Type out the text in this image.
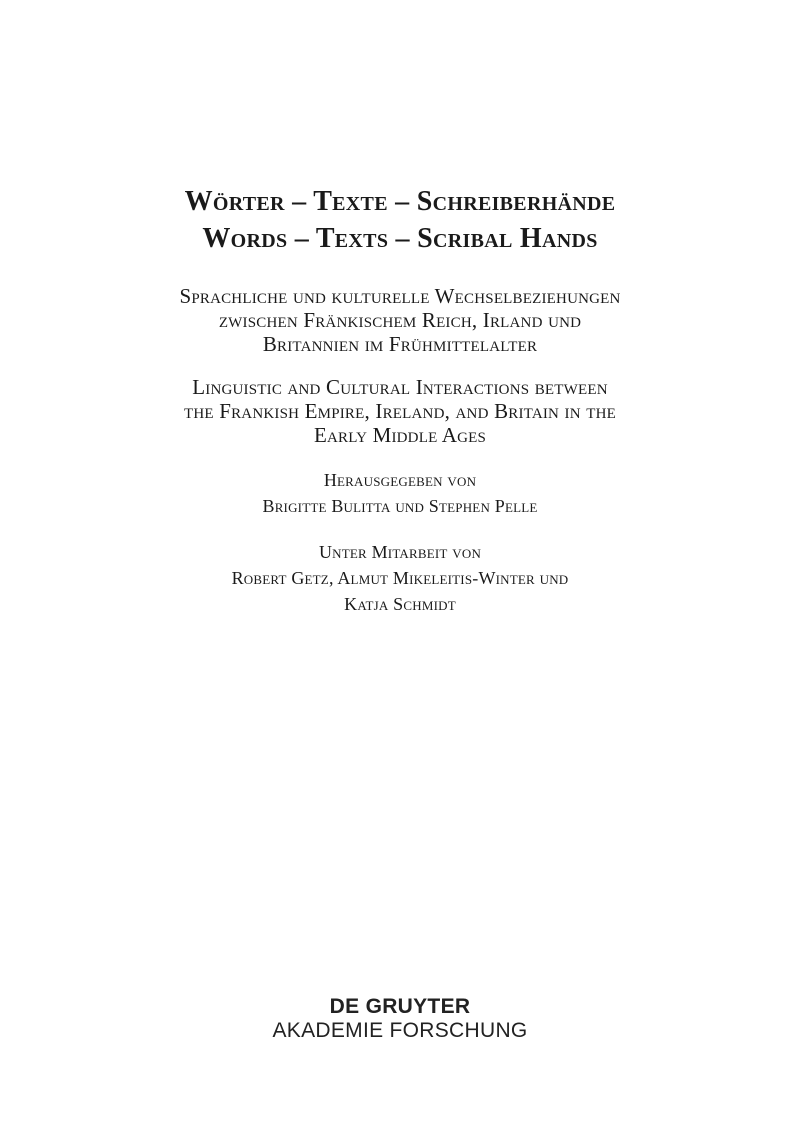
Wörter – Texte – Schreiberhände

Words – Texts – Scribal Hands

Sprachliche und kulturelle Wechselbeziehungen

zwischen Fränkischem Reich, Irland und

Britannien im Frühmittelalter

Linguistic and Cultural Interactions between

the Frankish Empire, Ireland, and Britain in the

Early Middle Ages

Herausgegeben von

Brigitte Bulitta und Stephen Pelle

Unter Mitarbeit von

Robert Getz, Almut Mikeleitis-Winter und

Katja Schmidt

DE GRUYTER
AKADEMIE FORSCHUNG
